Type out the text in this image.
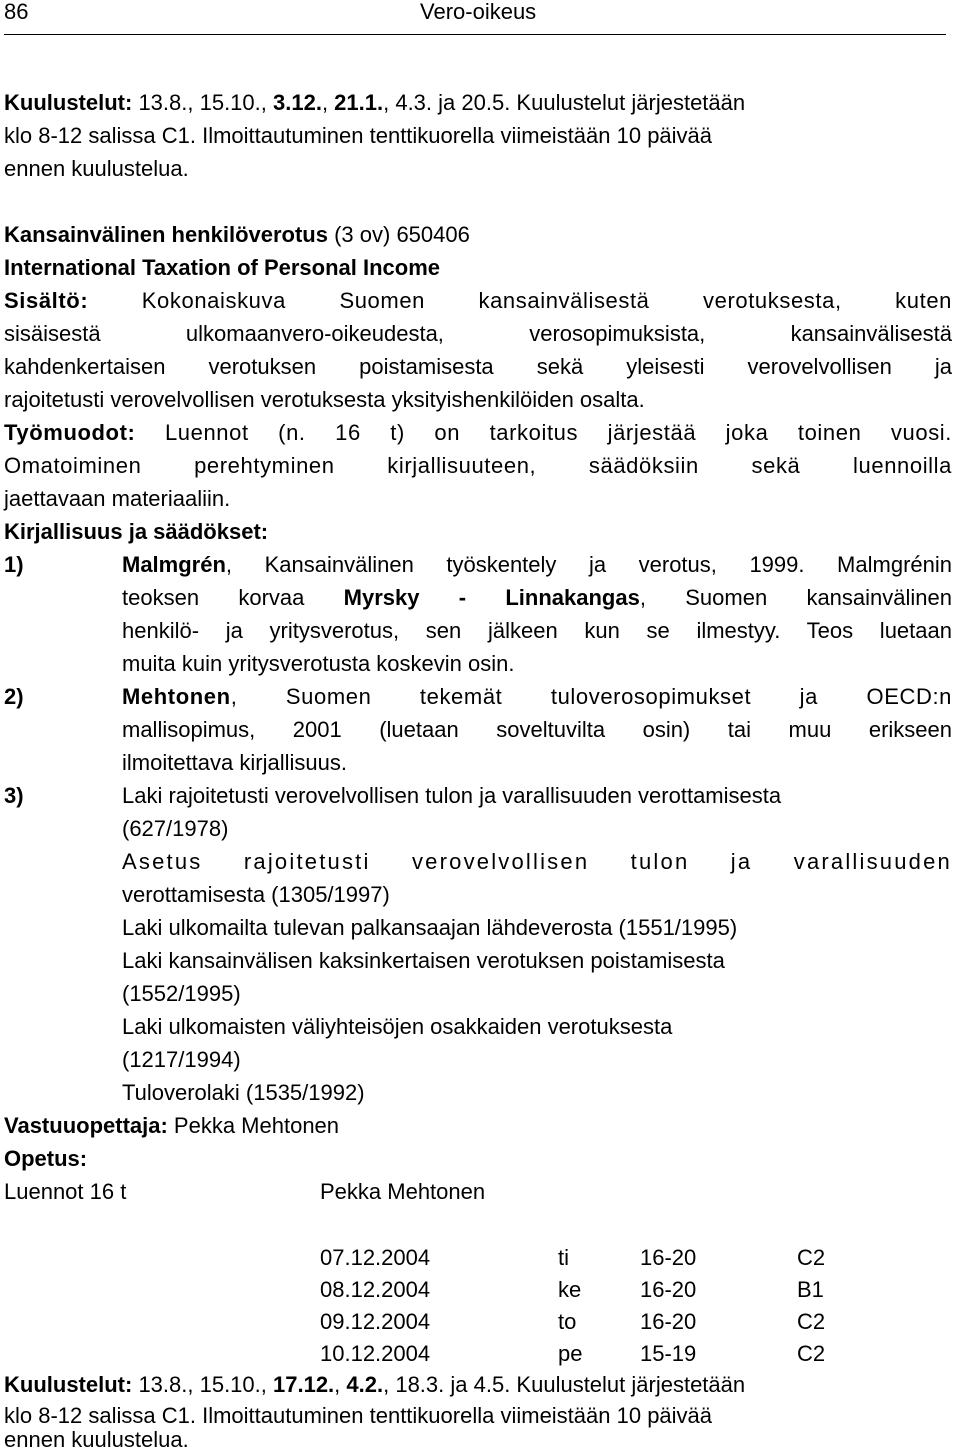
86	Vero-oikeus
Kuulustelut: 13.8., 15.10., 3.12., 21.1., 4.3. ja 20.5. Kuulustelut järjestetään
klo 8-12 salissa C1. Ilmoittautuminen tenttikuorella viimeistään 10 päivää
ennen kuulustelua.
Kansainvälinen henkilöverotus (3 ov) 650406
International Taxation of Personal Income
Sisältö: Kokonaiskuva Suomen kansainvälisestä verotuksesta, kuten
sisäisestä ulkomaanvero-oikeudesta, verosopimuksista, kansainvälisestä
kahdenkertaisen verotuksen poistamisesta sekä yleisesti verovelvollisen ja
rajoitetusti verovelvollisen verotuksesta yksityishenkilöiden osalta.
Työmuodot: Luennot (n. 16 t) on tarkoitus järjestää joka toinen vuosi.
Omatoiminen perehtyminen kirjallisuuteen, säädöksiin sekä luennoilla
jaettavaan materiaaliin.
Kirjallisuus ja säädökset:
1)	Malmgrén, Kansainvälinen työskentely ja verotus, 1999. Malmgrénin
teoksen korvaa Myrsky - Linnakangas, Suomen kansainvälinen
henkilö- ja yritysverotus, sen jälkeen kun se ilmestyy. Teos luetaan
muita kuin yritysverotusta koskevin osin.
2)	Mehtonen, Suomen tekemät tuloverosopimukset ja OECD:n
mallisopimus, 2001 (luetaan soveltuvilta osin) tai muu erikseen
ilmoitettava kirjallisuus.
3)	Laki rajoitetusti verovelvollisen tulon ja varallisuuden verottamisesta
(627/1978)
Asetus rajoitetusti verovelvollisen tulon ja varallisuuden
verottamisesta (1305/1997)
Laki ulkomailta tulevan palkansaajan lähdeverosta (1551/1995)
Laki kansainvälisen kaksinkertaisen verotuksen poistamisesta
(1552/1995)
Laki ulkomaisten väliyhteisöjen osakkaiden verotuksesta
(1217/1994)
Tuloverolaki (1535/1992)
Vastuuopettaja: Pekka Mehtonen
Opetus:
Luennot 16 t	Pekka Mehtonen
07.12.2004	ti	16-20	C2
08.12.2004	ke	16-20	B1
09.12.2004	to	16-20	C2
10.12.2004	pe	15-19	C2
Kuulustelut: 13.8., 15.10., 17.12., 4.2., 18.3. ja 4.5. Kuulustelut järjestetään
klo 8-12 salissa C1. Ilmoittautuminen tenttikuorella viimeistään 10 päivää
ennen kuulustelua.
